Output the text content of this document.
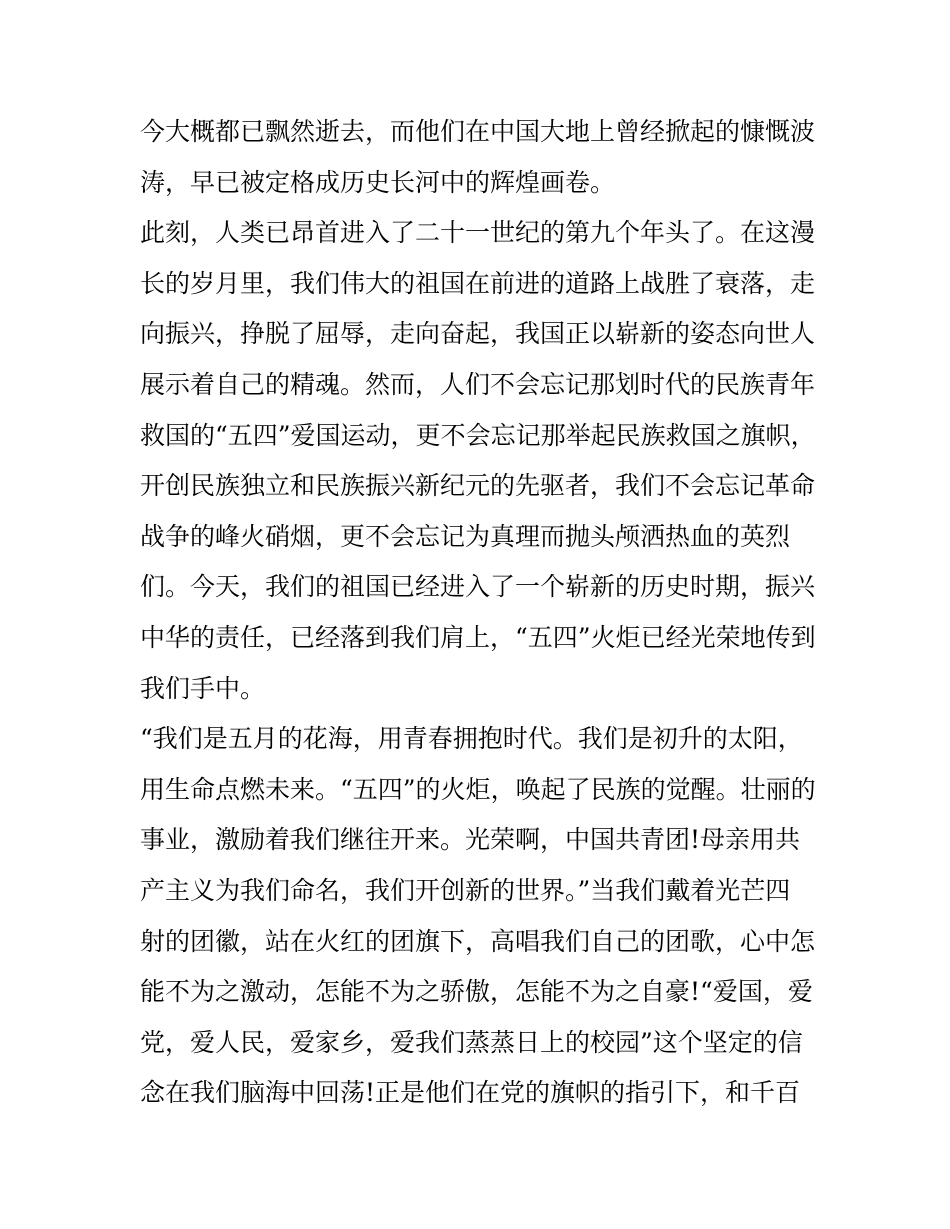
今大概都已飘然逝去，而他们在中国大地上曾经掀起的慷慨波
涛，早已被定格成历史长河中的辉煌画卷。
此刻，人类已昂首进入了二十一世纪的第九个年头了。在这漫
长的岁月里，我们伟大的祖国在前进的道路上战胜了衰落，走
向振兴，挣脱了屈辱，走向奋起，我国正以崭新的姿态向世人
展示着自己的精魂。然而，人们不会忘记那划时代的民族青年
救国的“五四”爱国运动，更不会忘记那举起民族救国之旗帜，
开创民族独立和民族振兴新纪元的先驱者，我们不会忘记革命
战争的峰火硝烟，更不会忘记为真理而抛头颅洒热血的英烈
们。今天，我们的祖国已经进入了一个崭新的历史时期，振兴
中华的责任，已经落到我们肩上，“五四”火炬已经光荣地传到
我们手中。
“我们是五月的花海，用青春拥抱时代。我们是初升的太阳，
用生命点燃未来。“五四”的火炬，唤起了民族的觉醒。壮丽的
事业，激励着我们继往开来。光荣啊，中国共青团!母亲用共
产主义为我们命名，我们开创新的世界。”当我们戴着光芒四
射的团徽，站在火红的团旗下，高唱我们自己的团歌，心中怎
能不为之激动，怎能不为之骄傲，怎能不为之自豪!“爱国，爱
党，爱人民，爱家乡，爱我们蒸蒸日上的校园”这个坚定的信
念在我们脑海中回荡!正是他们在党的旗帜的指引下，和千百
